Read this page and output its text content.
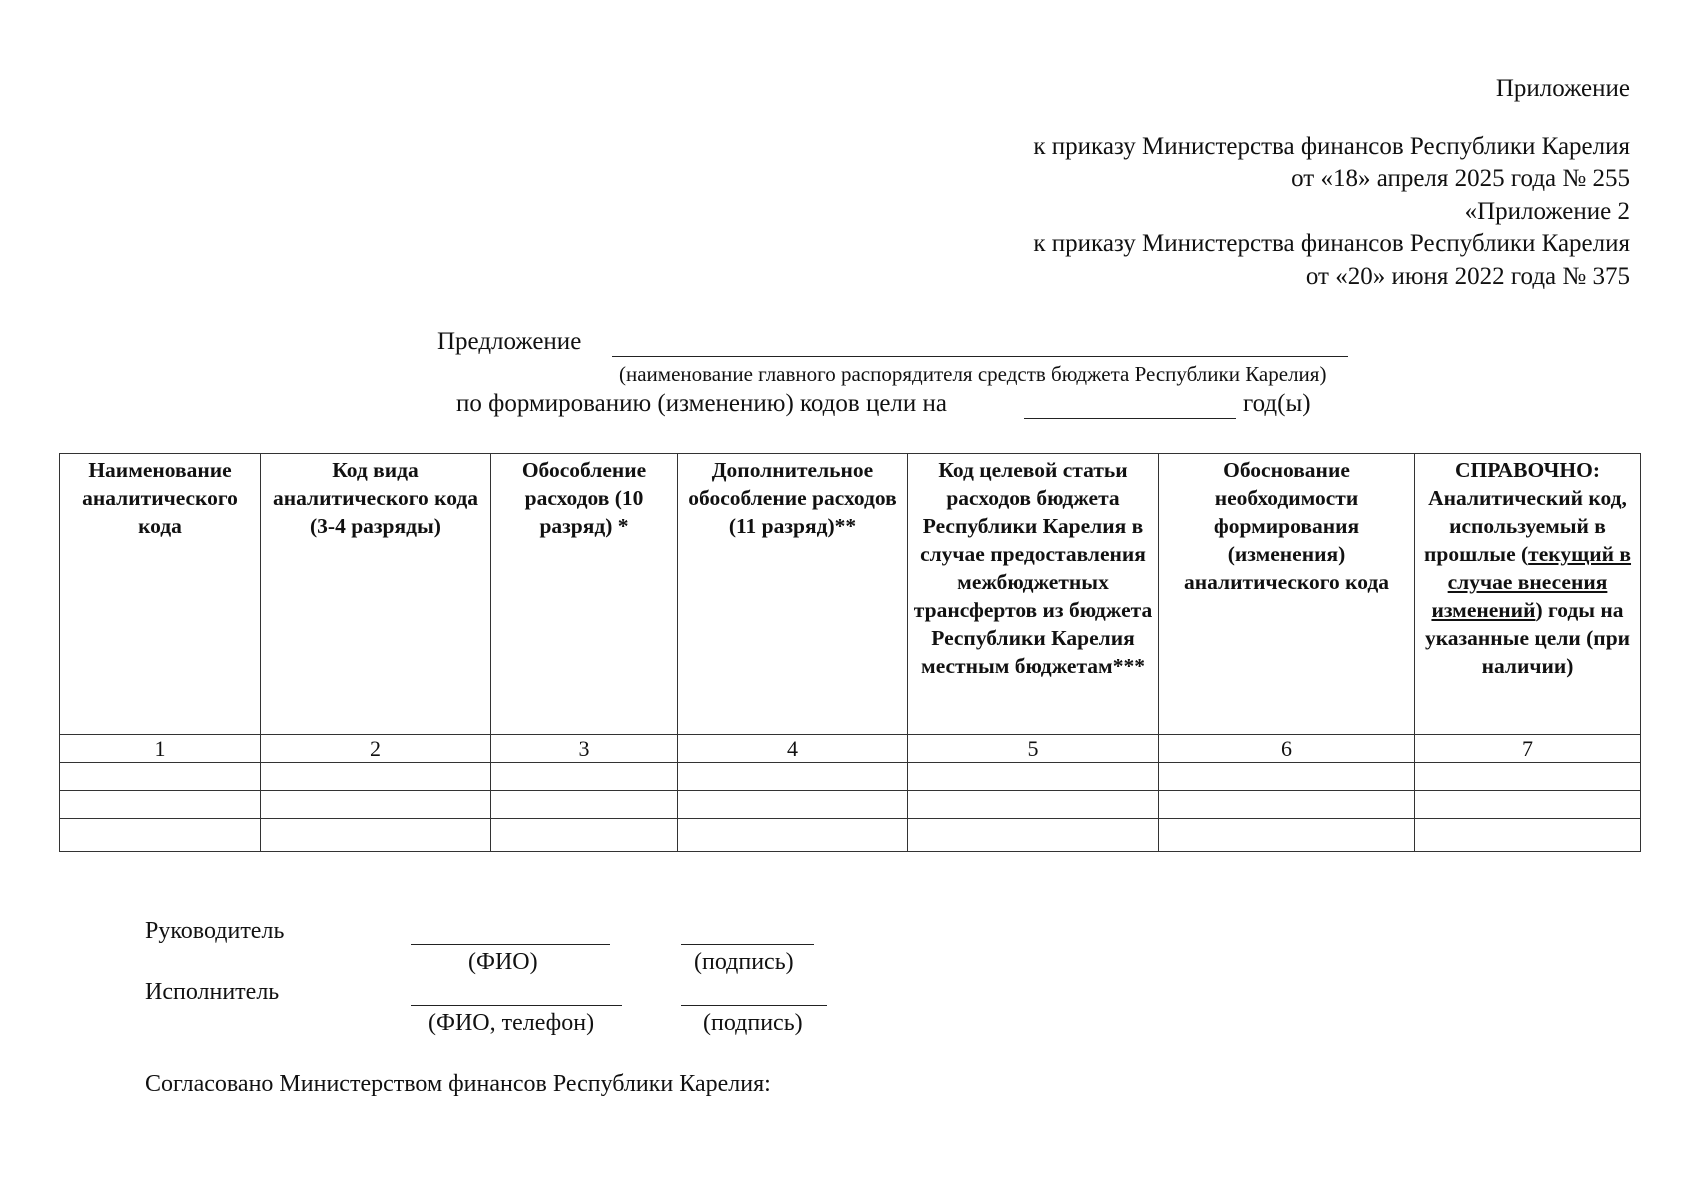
Приложение
к приказу Министерства финансов Республики Карелия
от «18» апреля 2025 года № 255
«Приложение 2
к приказу Министерства финансов Республики Карелия
от «20» июня 2022 года № 375
Предложение
(наименование главного распорядителя средств бюджета Республики Карелия)
по формированию (изменению) кодов цели на	год(ы)
Наименование аналитического кода	Код вида аналитического кода (3-4 разряды)	Обособление расходов (10 разряд) *	Дополнительное обособление расходов (11 разряд)**	Код целевой статьи расходов бюджета Республики Карелия в случае предоставления межбюджетных трансфертов из бюджета Республики Карелия местным бюджетам***	Обоснование необходимости формирования (изменения) аналитического кода	СПРАВОЧНО: Аналитический код, используемый в прошлые (текущий в случае внесения изменений) годы на указанные цели (при наличии)
1	2	3	4	5	6	7

Руководитель
(ФИО)	(подпись)
Исполнитель
(ФИО, телефон)	(подпись)
Согласовано Министерством финансов Республики Карелия:
